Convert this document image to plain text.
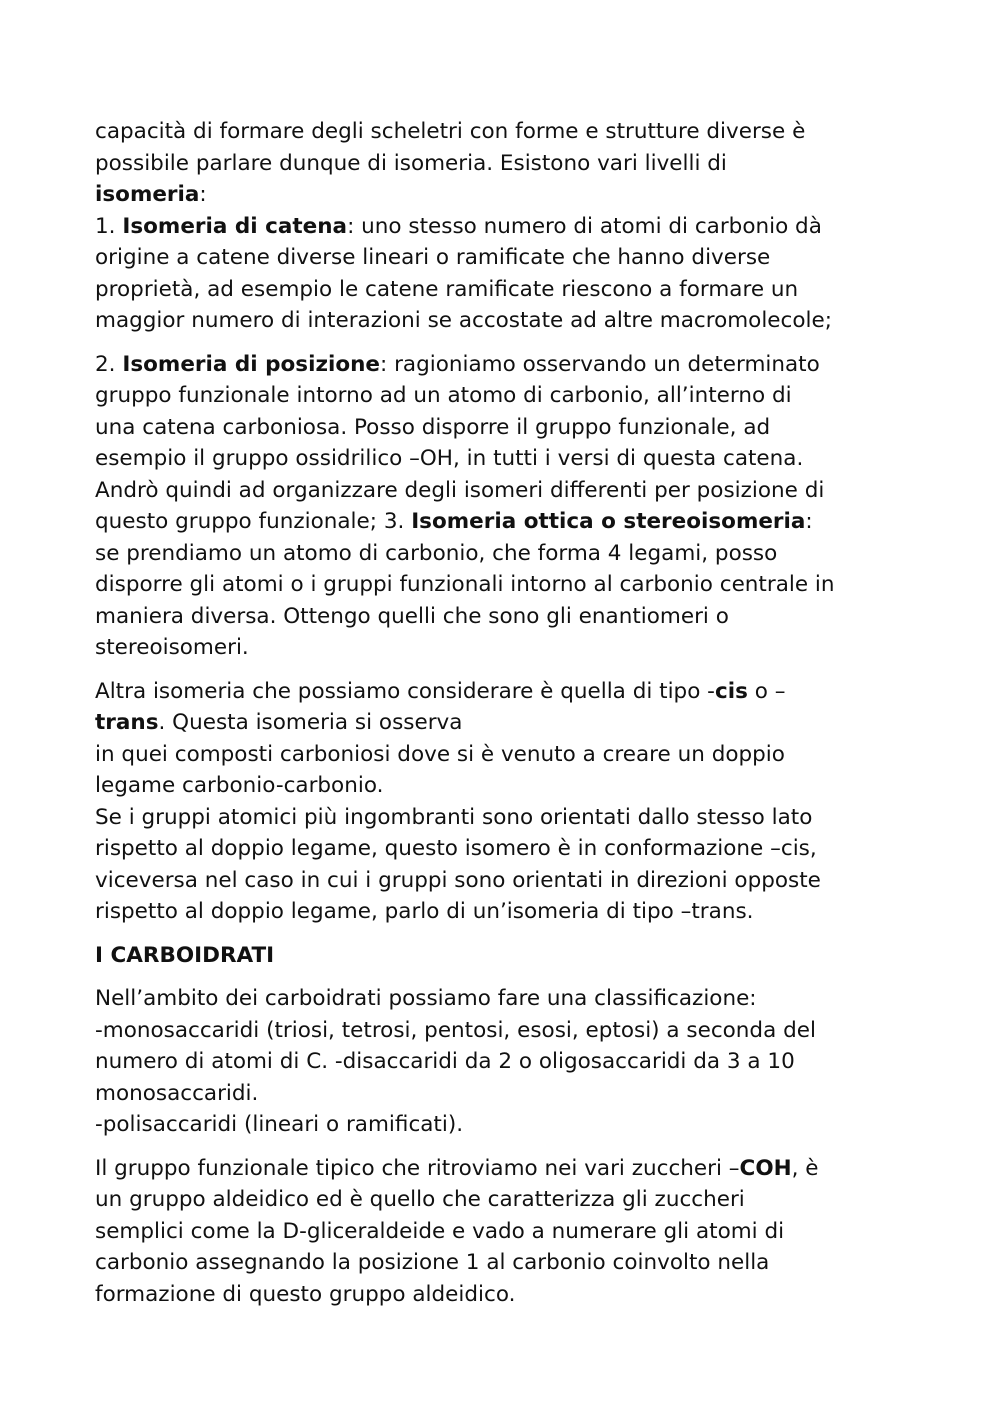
capacità di formare degli scheletri con forme e strutture diverse è
possibile parlare dunque di isomeria. Esistono vari livelli di
isomeria:
1. Isomeria di catena: uno stesso numero di atomi di carbonio dà
origine a catene diverse lineari o ramificate che hanno diverse
proprietà, ad esempio le catene ramificate riescono a formare un
maggior numero di interazioni se accostate ad altre macromolecole;

2. Isomeria di posizione: ragioniamo osservando un determinato
gruppo funzionale intorno ad un atomo di carbonio, all’interno di
una catena carboniosa. Posso disporre il gruppo funzionale, ad
esempio il gruppo ossidrilico –OH, in tutti i versi di questa catena.
Andrò quindi ad organizzare degli isomeri differenti per posizione di
questo gruppo funzionale; 3. Isomeria ottica o stereoisomeria:
se prendiamo un atomo di carbonio, che forma 4 legami, posso
disporre gli atomi o i gruppi funzionali intorno al carbonio centrale in
maniera diversa. Ottengo quelli che sono gli enantiomeri o
stereoisomeri.

Altra isomeria che possiamo considerare è quella di tipo -cis o –
trans. Questa isomeria si osserva
in quei composti carboniosi dove si è venuto a creare un doppio
legame carbonio-carbonio.
Se i gruppi atomici più ingombranti sono orientati dallo stesso lato
rispetto al doppio legame, questo isomero è in conformazione –cis,
viceversa nel caso in cui i gruppi sono orientati in direzioni opposte
rispetto al doppio legame, parlo di un’isomeria di tipo –trans.

I CARBOIDRATI

Nell’ambito dei carboidrati possiamo fare una classificazione:
-monosaccaridi (triosi, tetrosi, pentosi, esosi, eptosi) a seconda del
numero di atomi di C. -disaccaridi da 2 o oligosaccaridi da 3 a 10
monosaccaridi.
-polisaccaridi (lineari o ramificati).

Il gruppo funzionale tipico che ritroviamo nei vari zuccheri –COH, è
un gruppo aldeidico ed è quello che caratterizza gli zuccheri
semplici come la D-gliceraldeide e vado a numerare gli atomi di
carbonio assegnando la posizione 1 al carbonio coinvolto nella
formazione di questo gruppo aldeidico.
